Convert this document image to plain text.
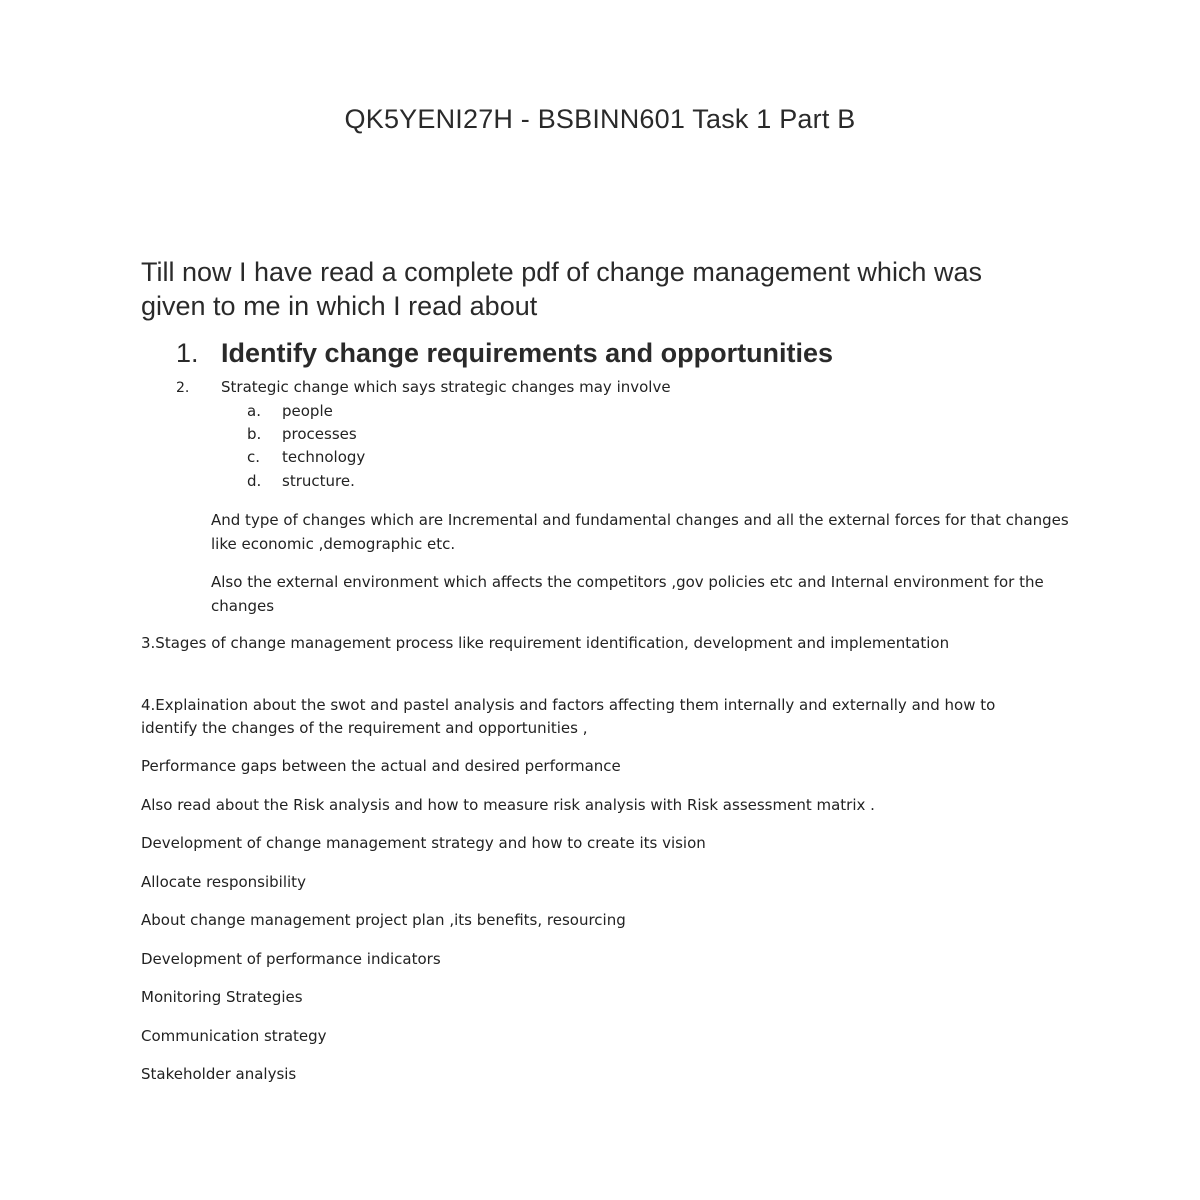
QK5YENI27H - BSBINN601 Task 1 Part B
Till now I have read a complete pdf of change management which was given to me in which I read about
1. Identify change requirements and opportunities
2. Strategic change which says strategic changes may involve
a. people
b. processes
c. technology
d. structure.
And type of changes which are Incremental and fundamental changes and all the external forces for that changes like economic ,demographic etc.
Also the external environment which affects the competitors ,gov policies etc and Internal environment for the changes
3.Stages of change management process like requirement identification, development and implementation
4.Explaination about the swot and pastel analysis and factors affecting them internally and externally and how to identify the changes of the requirement and opportunities ,
Performance gaps between the actual and desired performance
Also read about the Risk analysis and how to measure risk analysis with Risk assessment matrix .
Development of change management strategy and how to create its vision
Allocate responsibility
About change management project plan ,its benefits, resourcing
Development of performance indicators
Monitoring Strategies
Communication strategy
Stakeholder analysis
